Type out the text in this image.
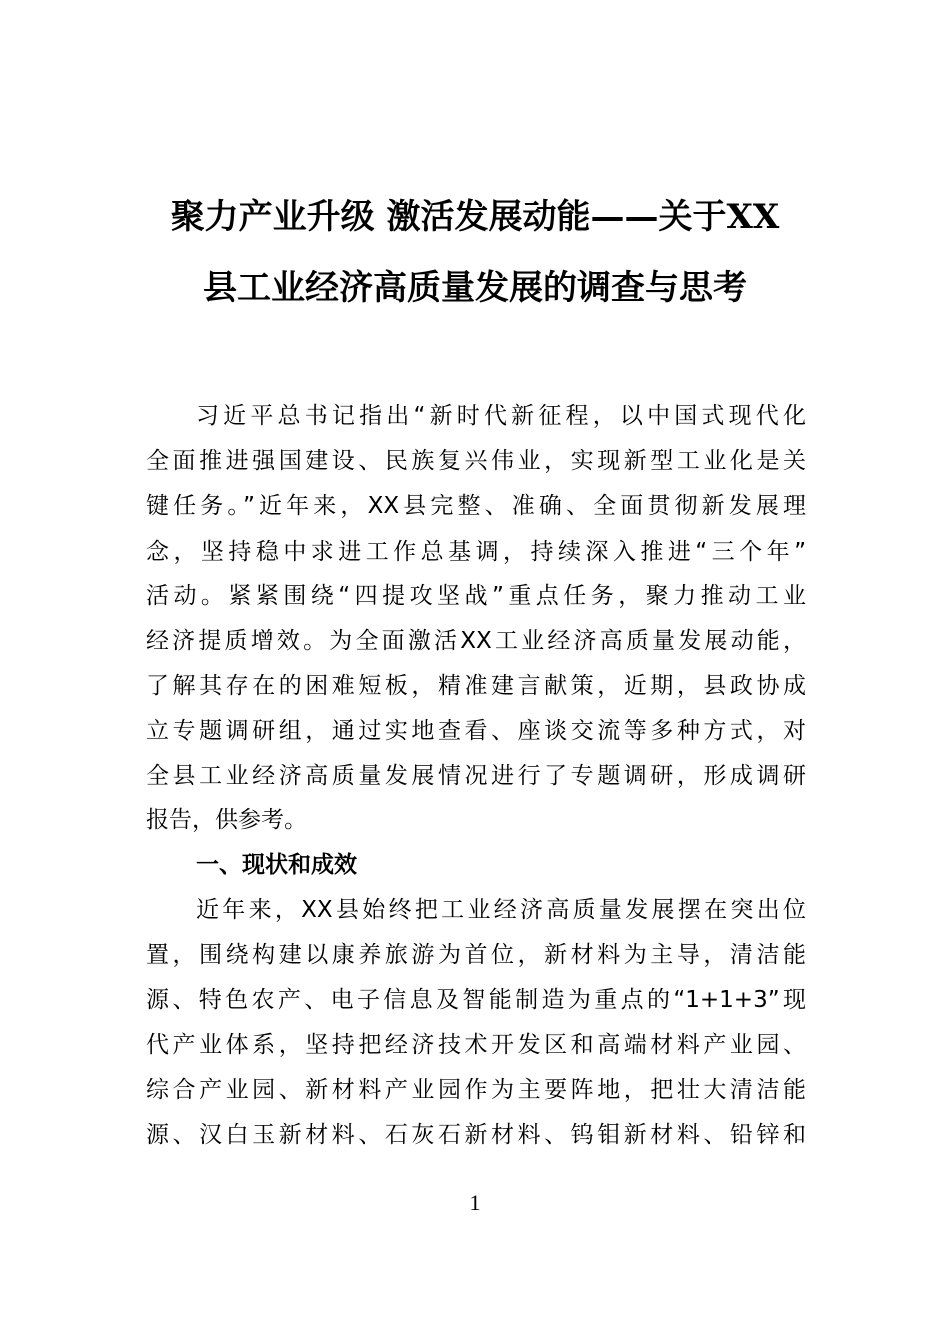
聚力产业升级 激活发展动能——关于XX
县工业经济高质量发展的调查与思考
习近平总书记指出“新时代新征程，以中国式现代化
全面推进强国建设、民族复兴伟业，实现新型工业化是关
键任务。”近年来，XX县完整、准确、全面贯彻新发展理
念，坚持稳中求进工作总基调，持续深入推进“三个年”
活动。紧紧围绕“四提攻坚战”重点任务，聚力推动工业
经济提质增效。为全面激活XX工业经济高质量发展动能，
了解其存在的困难短板，精准建言献策，近期，县政协成
立专题调研组，通过实地查看、座谈交流等多种方式，对
全县工业经济高质量发展情况进行了专题调研，形成调研
报告，供参考。
一、现状和成效
近年来，XX县始终把工业经济高质量发展摆在突出位
置，围绕构建以康养旅游为首位，新材料为主导，清洁能
源、特色农产、电子信息及智能制造为重点的“1+1+3”现
代产业体系，坚持把经济技术开发区和高端材料产业园、
综合产业园、新材料产业园作为主要阵地，把壮大清洁能
源、汉白玉新材料、石灰石新材料、钨钼新材料、铅锌和
1
